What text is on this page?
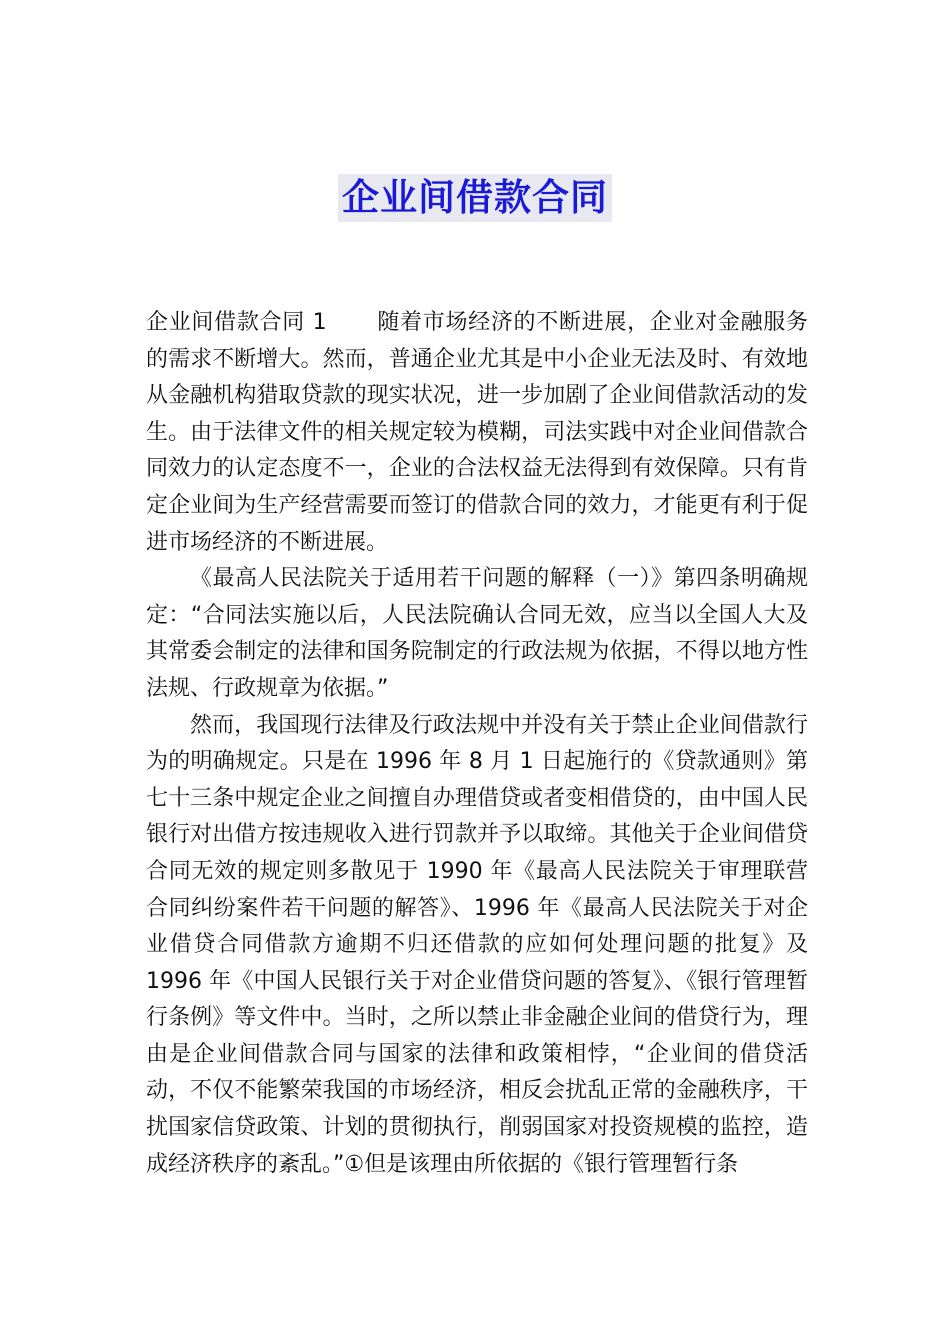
企业间借款合同

企业间借款合同 1 随着市场经济的不断进展，企业对金融服务的需求不断增大。然而，普通企业尤其是中小企业无法及时、有效地从金融机构猎取贷款的现实状况，进一步加剧了企业间借款活动的发生。由于法律文件的相关规定较为模糊，司法实践中对企业间借款合同效力的认定态度不一，企业的合法权益无法得到有效保障。只有肯定企业间为生产经营需要而签订的借款合同的效力，才能更有利于促进市场经济的不断进展。

《最高人民法院关于适用若干问题的解释（一）》第四条明确规定：“合同法实施以后，人民法院确认合同无效，应当以全国人大及其常委会制定的法律和国务院制定的行政法规为依据，不得以地方性法规、行政规章为依据。”

然而，我国现行法律及行政法规中并没有关于禁止企业间借款行为的明确规定。只是在 1996 年 8 月 1 日起施行的《贷款通则》第七十三条中规定企业之间擅自办理借贷或者变相借贷的，由中国人民银行对出借方按违规收入进行罚款并予以取缔。其他关于企业间借贷合同无效的规定则多散见于 1990 年《最高人民法院关于审理联营合同纠纷案件若干问题的解答》、1996 年《最高人民法院关于对企业借贷合同借款方逾期不归还借款的应如何处理问题的批复》及 1996 年《中国人民银行关于对企业借贷问题的答复》、《银行管理暂行条例》等文件中。当时，之所以禁止非金融企业间的借贷行为，理由是企业间借款合同与国家的法律和政策相悖，“企业间的借贷活动，不仅不能繁荣我国的市场经济，相反会扰乱正常的金融秩序，干扰国家信贷政策、计划的贯彻执行，削弱国家对投资规模的监控，造成经济秩序的紊乱。”①但是该理由所依据的《银行管理暂行条
